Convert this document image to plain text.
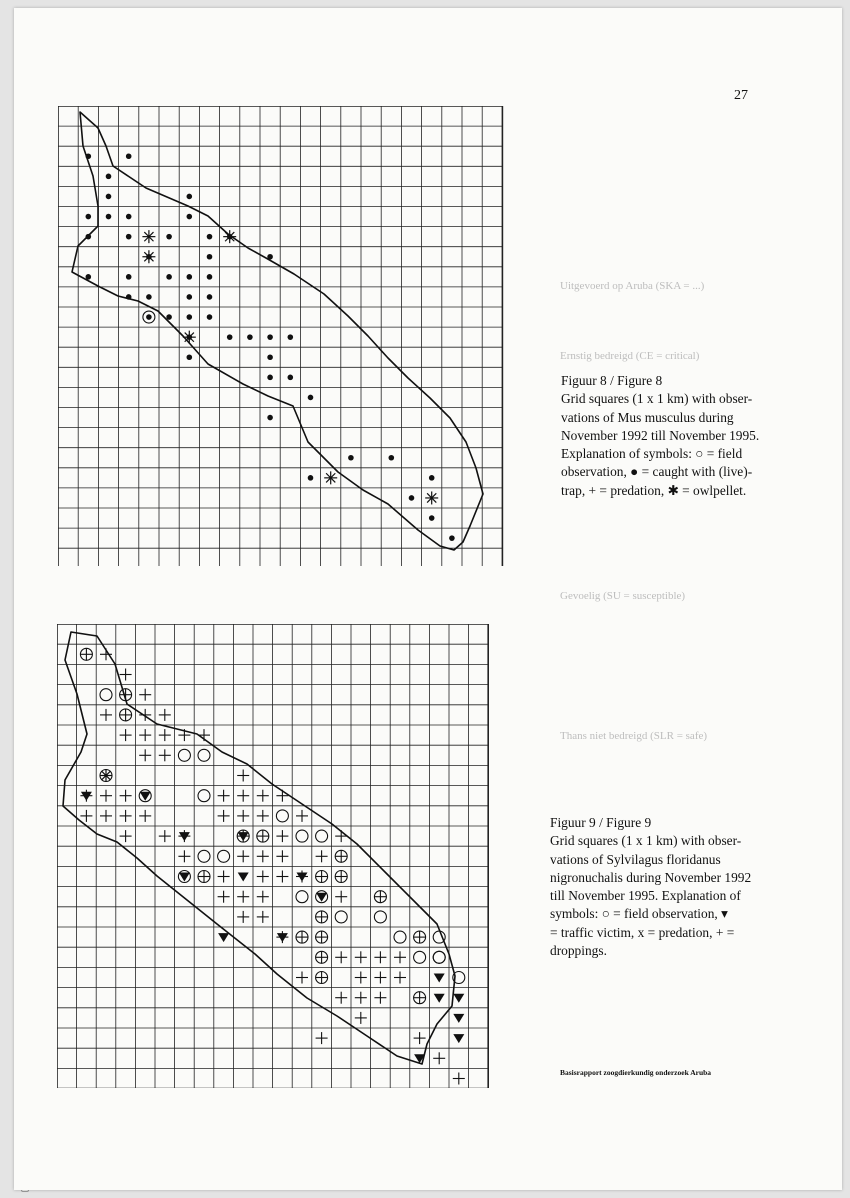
27
Uitgevoerd op Aruba (SKA = ...)
Ernstig bedreigd (CE = critical)
Gevoelig (SU = susceptible)
Thans niet bedreigd (SLR = safe)
Figuur 8 / Figure 8
Grid squares (1 x 1 km) with obser-
vations of Mus musculus during
November 1992 till November 1995.
Explanation of symbols: ○ = field
observation, ● = caught with (live)-
trap, + = predation, ✱ = owlpellet.
Figuur 9 / Figure 9
Grid squares (1 x 1 km) with obser-
vations of Sylvilagus floridanus
nigronuchalis during November 1992
till November 1995. Explanation of
symbols: ○ = field observation, ▾
= traffic victim, x = predation, + =
droppings.
Basisrapport zoogdierkundig onderzoek Aruba
